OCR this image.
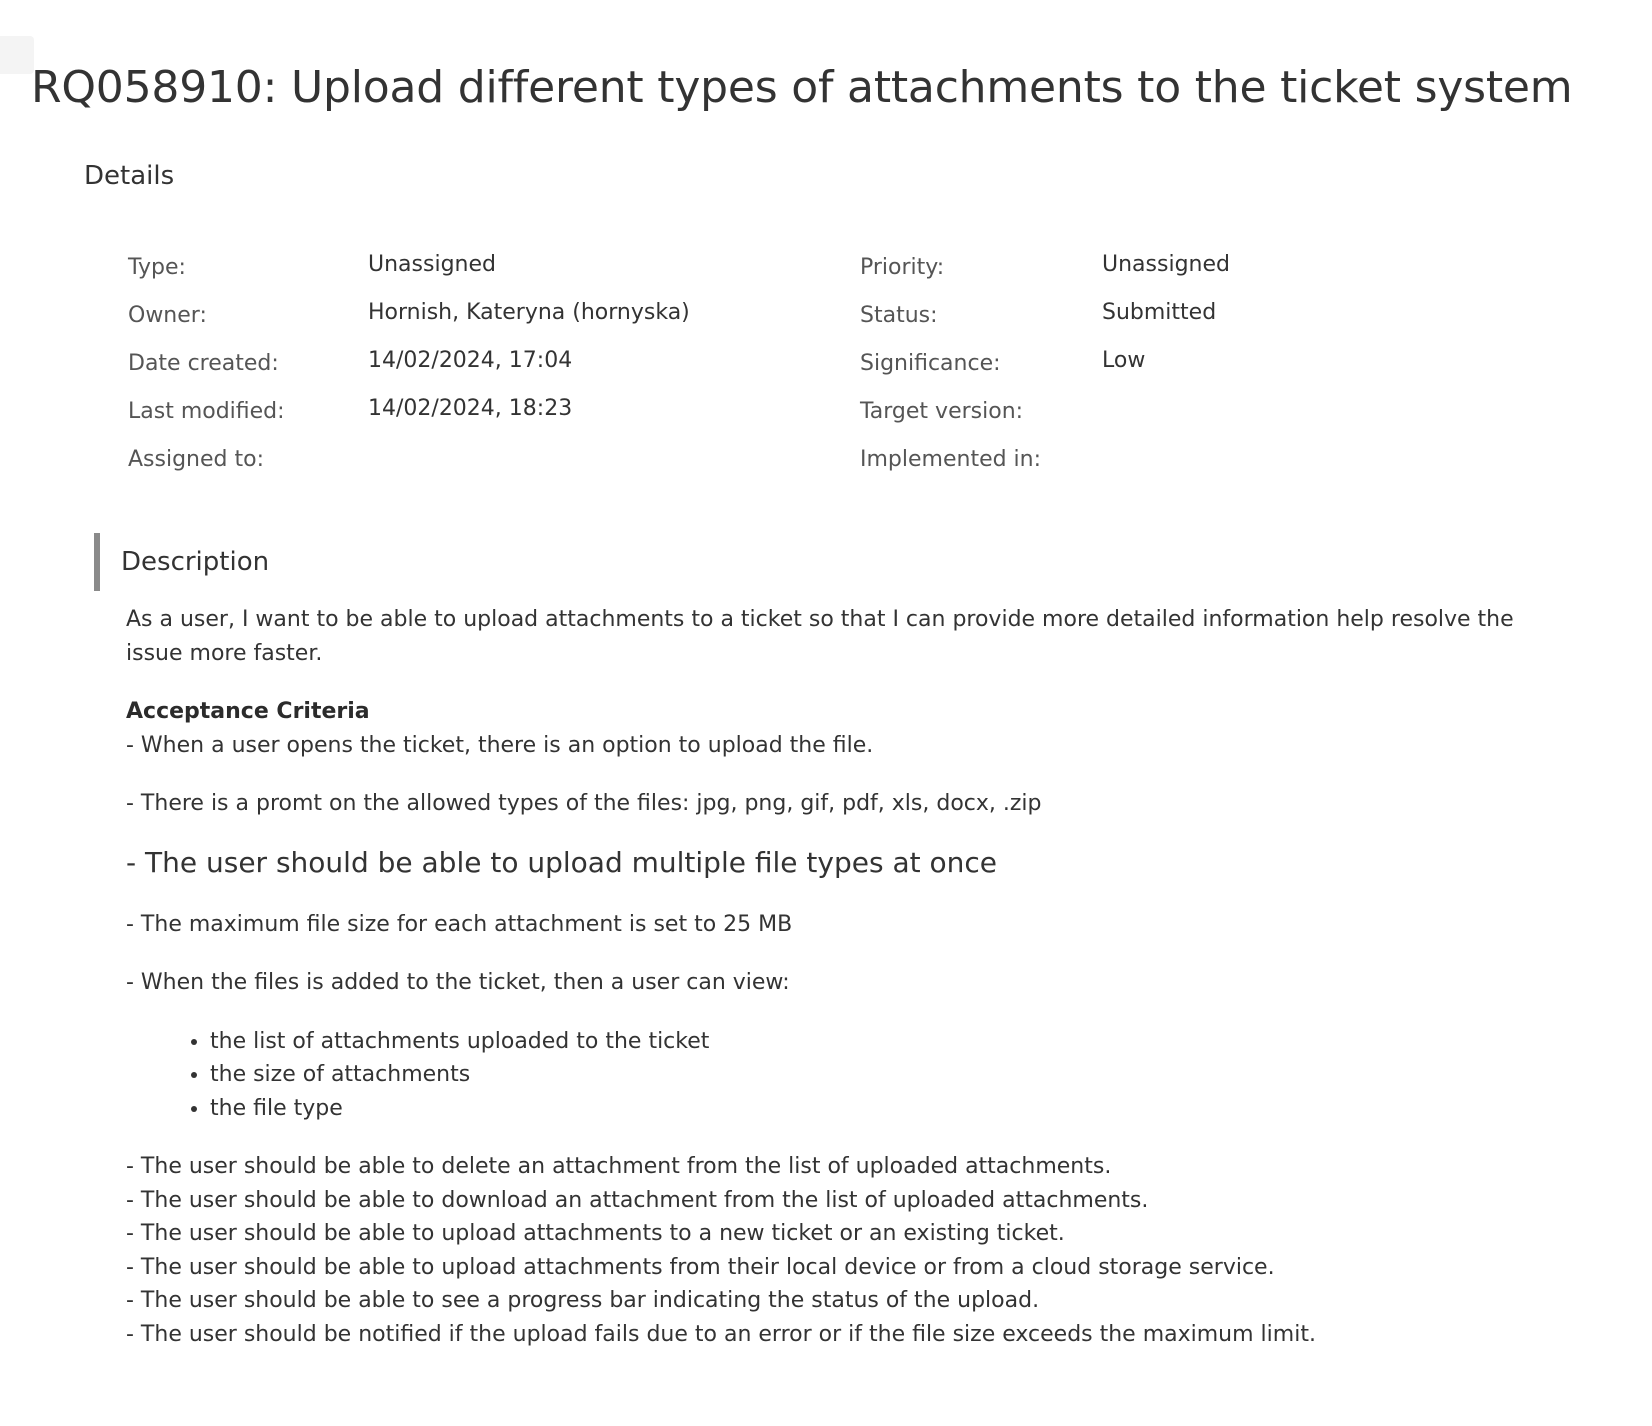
RQ058910: Upload different types of attachments to the ticket system
Details
Type:	Unassigned	Priority:	Unassigned
Owner:	Hornish, Kateryna (hornyska)	Status:	Submitted
Date created:	14/02/2024, 17:04	Significance:	Low
Last modified:	14/02/2024, 18:23	Target version:
Assigned to:	Implemented in:
Description

As a user, I want to be able to upload attachments to a ticket so that I can provide more detailed information help resolve the issue more faster.

Acceptance Criteria

- When a user opens the ticket, there is an option to upload the file.

- There is a promt on the allowed types of the files: jpg, png, gif, pdf, xls, docx, .zip

- The user should be able to upload multiple file types at once

- The maximum file size for each attachment is set to 25 MB

- When the files is added to the ticket, then a user can view:

• the list of attachments uploaded to the ticket
• the size of attachments
• the file type

- The user should be able to delete an attachment from the list of uploaded attachments.

- The user should be able to download an attachment from the list of uploaded attachments.

- The user should be able to upload attachments to a new ticket or an existing ticket.

- The user should be able to upload attachments from their local device or from a cloud storage service.

- The user should be able to see a progress bar indicating the status of the upload.

- The user should be notified if the upload fails due to an error or if the file size exceeds the maximum limit.
